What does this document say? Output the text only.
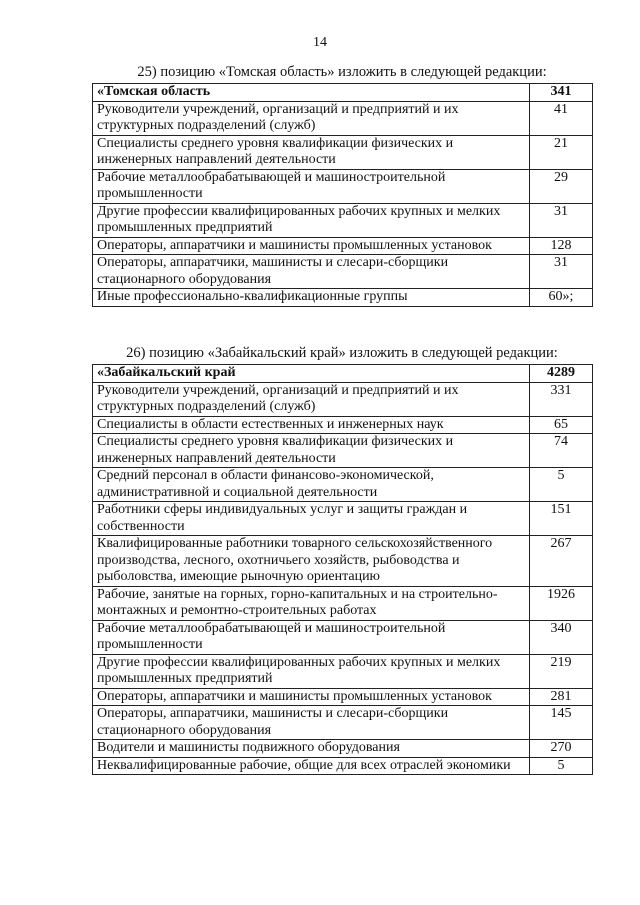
14
25) позицию «Томская область» изложить в следующей редакции:
«Томская область	341
Руководители учреждений, организаций и предприятий и их структурных подразделений (служб)	41
Специалисты среднего уровня квалификации физических и инженерных направлений деятельности	21
Рабочие металлообрабатывающей и машиностроительной промышленности	29
Другие профессии квалифицированных рабочих крупных и мелких промышленных предприятий	31
Операторы, аппаратчики и машинисты промышленных установок	128
Операторы, аппаратчики, машинисты и слесари-сборщики стационарного оборудования	31
Иные профессионально-квалификационные группы	60»;
26) позицию «Забайкальский край» изложить в следующей редакции:
«Забайкальский край	4289
Руководители учреждений, организаций и предприятий и их структурных подразделений (служб)	331
Специалисты в области естественных и инженерных наук	65
Специалисты среднего уровня квалификации физических и инженерных направлений деятельности	74
Средний персонал в области финансово-экономической, административной и социальной деятельности	5
Работники сферы индивидуальных услуг и защиты граждан и собственности	151
Квалифицированные работники товарного сельскохозяйственного производства, лесного, охотничьего хозяйств, рыбоводства и рыболовства, имеющие рыночную ориентацию	267
Рабочие, занятые на горных, горно-капитальных и на строительно-монтажных и ремонтно-строительных работах	1926
Рабочие металлообрабатывающей и машиностроительной промышленности	340
Другие профессии квалифицированных рабочих крупных и мелких промышленных предприятий	219
Операторы, аппаратчики и машинисты промышленных установок	281
Операторы, аппаратчики, машинисты и слесари-сборщики стационарного оборудования	145
Водители и машинисты подвижного оборудования	270
Неквалифицированные рабочие, общие для всех отраслей экономики	5
